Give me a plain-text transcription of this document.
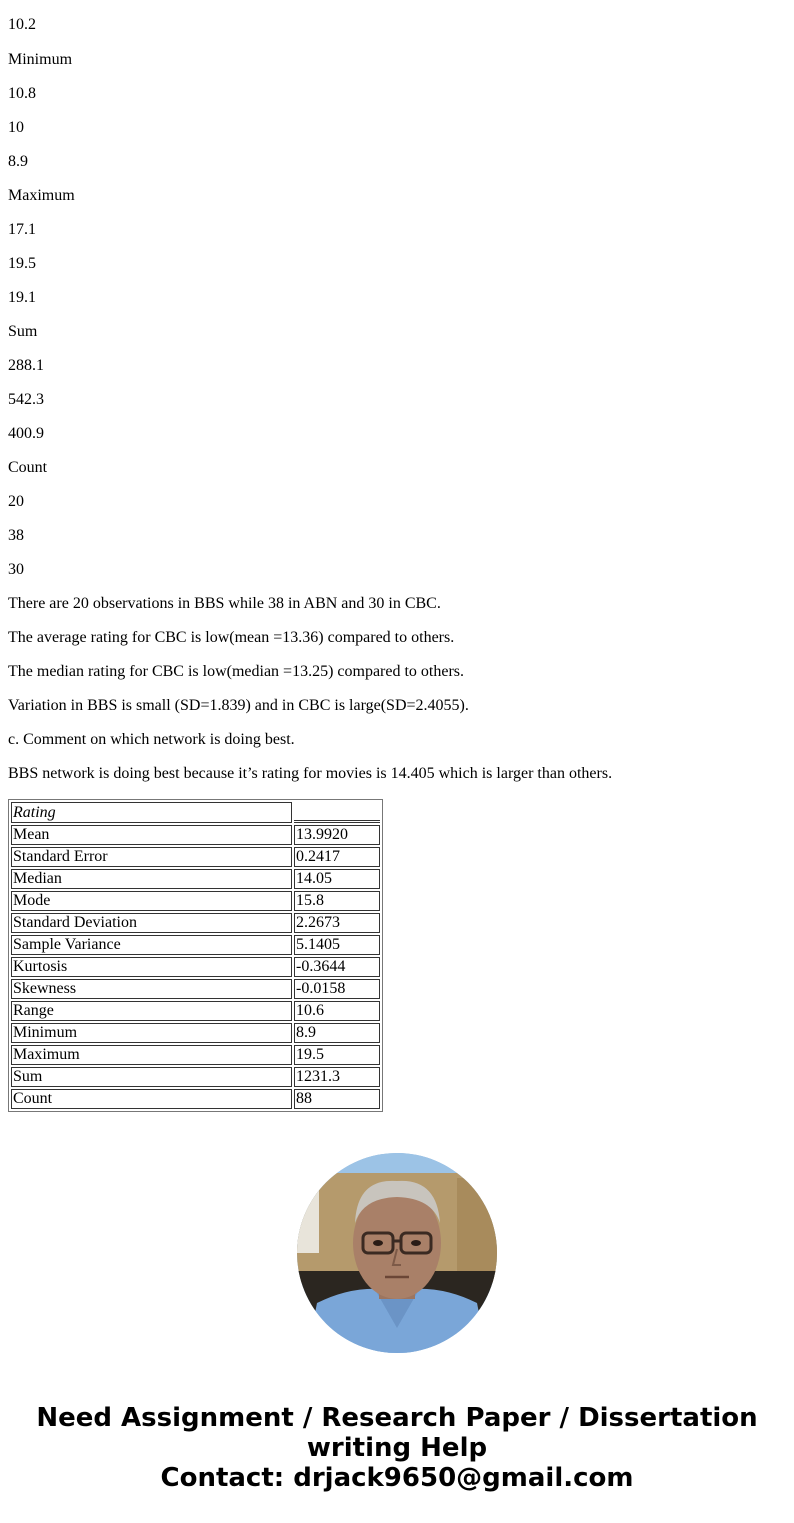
10.2

Minimum

10.8

10

8.9

Maximum

17.1

19.5

19.1

Sum

288.1

542.3

400.9

Count

20

38

30

There are 20 observations in BBS while 38 in ABN and 30 in CBC.

The average rating for CBC is low(mean =13.36) compared to others.

The median rating for CBC is low(median =13.25) compared to others.

Variation in BBS is small (SD=1.839) and in CBC is large(SD=2.4055).

c. Comment on which network is doing best.

BBS network is doing best because it’s rating for movies is 14.405 which is larger than others.

Rating	
Mean	13.9920
Standard Error	0.2417
Median	14.05
Mode	15.8
Standard Deviation	2.2673
Sample Variance	5.1405
Kurtosis	-0.3644
Skewness	-0.0158
Range	10.6
Minimum	8.9
Maximum	19.5
Sum	1231.3
Count	88
Need Assignment / Research Paper / Dissertation
writing Help
Contact: drjack9650@gmail.com
